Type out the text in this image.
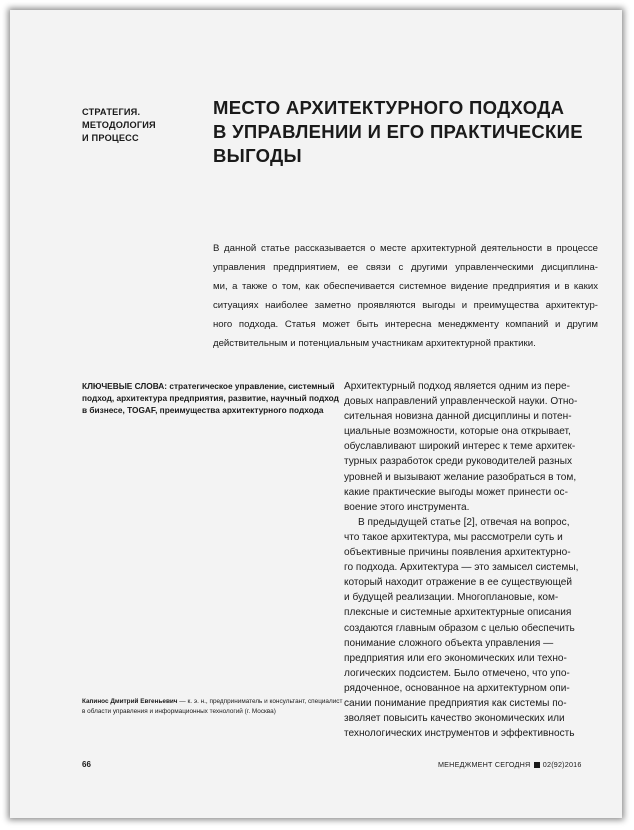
СТРАТЕГИЯ.
МЕТОДОЛОГИЯ
И ПРОЦЕСС
МЕСТО АРХИТЕКТУРНОГО ПОДХОДА
В УПРАВЛЕНИИ И ЕГО ПРАКТИЧЕСКИЕ
ВЫГОДЫ
В данной статье рассказывается о месте архитектурной деятельности в процессе
управления предприятием, ее связи с другими управленческими дисциплина-
ми, а также о том, как обеспечивается системное видение предприятия и в каких
ситуациях наиболее заметно проявляются выгоды и преимущества архитектур-
ного подхода. Статья может быть интересна менеджменту компаний и другим
действительным и потенциальным участникам архитектурной практики.
КЛЮЧЕВЫЕ СЛОВА: стратегическое управление, системный
подход, архитектура предприятия, развитие, научный подход
в бизнесе, TOGAF, преимущества архитектурного подхода
Архитектурный подход является одним из пере-
довых направлений управленческой науки. Отно-
сительная новизна данной дисциплины и потен-
циальные возможности, которые она открывает,
обуславливают широкий интерес к теме архитек-
турных разработок среди руководителей разных
уровней и вызывают желание разобраться в том,
какие практические выгоды может принести ос-
воение этого инструмента.
В предыдущей статье [2], отвечая на вопрос,
что такое архитектура, мы рассмотрели суть и
объективные причины появления архитектурно-
го подхода. Архитектура — это замысел системы,
который находит отражение в ее существующей
и будущей реализации. Многоплановые, ком-
плексные и системные архитектурные описания
создаются главным образом с целью обеспечить
понимание сложного объекта управления —
предприятия или его экономических или техно-
логических подсистем. Было отмечено, что упо-
рядоченное, основанное на архитектурном опи-
сании понимание предприятия как системы по-
зволяет повысить качество экономических или
технологических инструментов и эффективность
Капинос Дмитрий Евгеньевич — к. э. н., предприниматель и консультант, специалист
в области управления и информационных технологий (г. Москва)
66	МЕНЕДЖМЕНТ СЕГОДНЯ 02(92)2016
